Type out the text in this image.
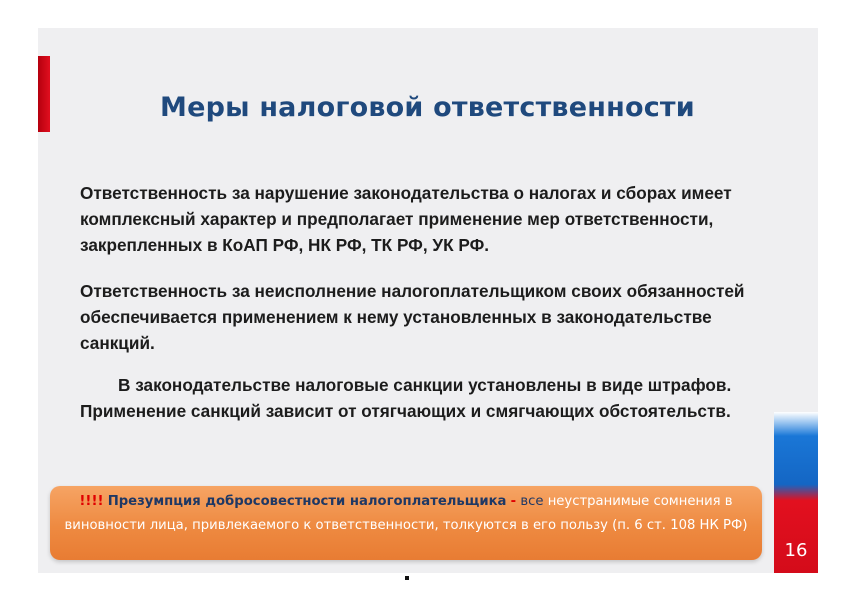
Меры налоговой ответственности
Ответственность за нарушение законодательства о налогах и сборах имеет комплексный характер и предполагает применение мер ответственности, закрепленных в КоАП РФ, НК РФ, ТК РФ, УК РФ.
Ответственность за неисполнение налогоплательщиком своих обязанностей обеспечивается применением к нему установленных в законодательстве санкций.
В законодательстве налоговые санкции установлены в виде штрафов. Применение санкций зависит от отягчающих и смягчающих обстоятельств.
16
!!!! Презумпция добросовестности налогоплательщика - все неустранимые сомнения в виновности лица, привлекаемого к ответственности, толкуются в его пользу (п. 6 ст. 108 НК РФ)
